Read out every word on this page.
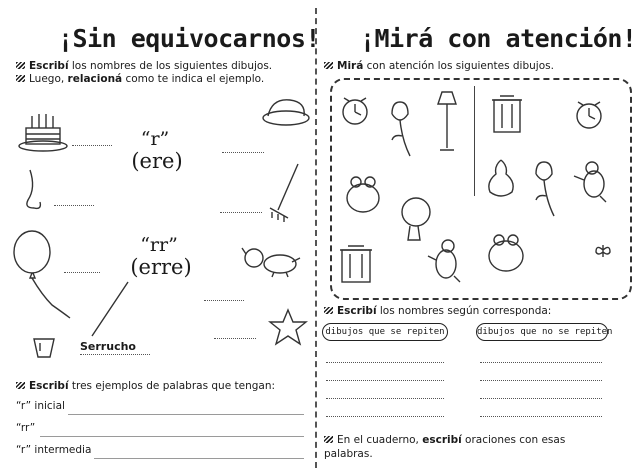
¡Sin equivocarnos!
Escribí los nombres de los siguientes dibujos.
Luego, relacioná como te indica el ejemplo.
“r”
(ere)
“rr”
(erre)
Serrucho
Escribí tres ejemplos de palabras que tengan:
“r” inicial
“rr”
“r” intermedia
¡Mirá con atención!
Mirá con atención los siguientes dibujos.
Escribí los nombres según corresponda:
dibujos que se repiten	dibujos que no se repiten
En el cuaderno, escribí oraciones con esas
palabras.
